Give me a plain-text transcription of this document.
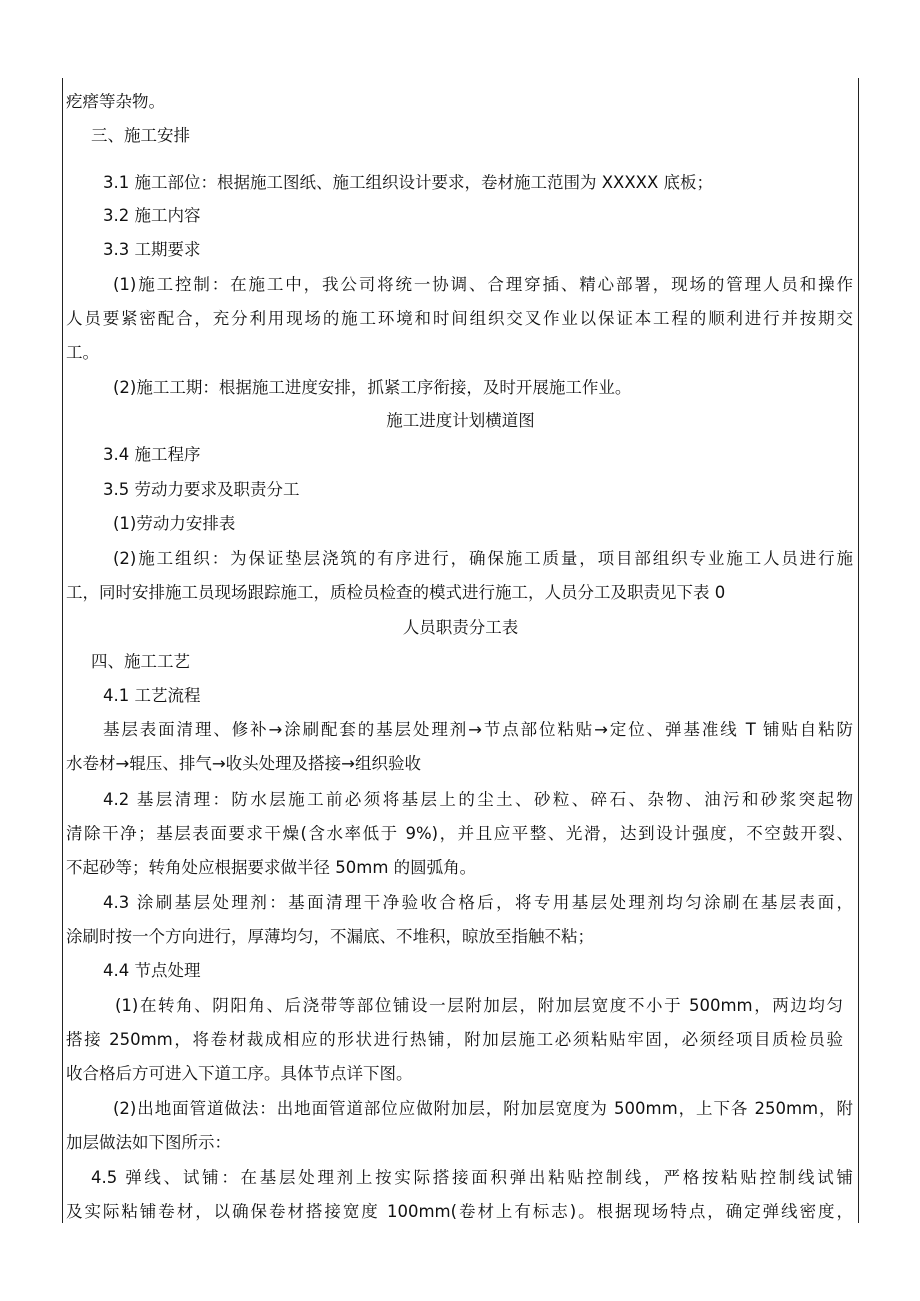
疙瘩等杂物。
三、施工安排
3.1 施工部位：根据施工图纸、施工组织设计要求，卷材施工范围为 XXXXX 底板；
3.2 施工内容
3.3 工期要求
(1)施工控制：在施工中，我公司将统一协调、合理穿插、精心部署，现场的管理人员和操作
人员要紧密配合，充分利用现场的施工环境和时间组织交叉作业以保证本工程的顺利进行并按期交
工。
(2)施工工期：根据施工进度安排，抓紧工序衔接，及时开展施工作业。
施工进度计划横道图
3.4 施工程序
3.5 劳动力要求及职责分工
(1)劳动力安排表
(2)施工组织：为保证垫层浇筑的有序进行，确保施工质量，项目部组织专业施工人员进行施
工，同时安排施工员现场跟踪施工，质检员检查的模式进行施工，人员分工及职责见下表 0
人员职责分工表
四、施工工艺
4.1 工艺流程
基层表面清理、修补→涂刷配套的基层处理剂→节点部位粘贴→定位、弹基准线 T 铺贴自粘防
水卷材→辊压、排气→收头处理及搭接→组织验收
4.2 基层清理：防水层施工前必须将基层上的尘土、砂粒、碎石、杂物、油污和砂浆突起物
清除干净；基层表面要求干燥(含水率低于 9%)，并且应平整、光滑，达到设计强度，不空鼓开裂、
不起砂等；转角处应根据要求做半径 50mm 的圆弧角。
4.3 涂刷基层处理剂：基面清理干净验收合格后，将专用基层处理剂均匀涂刷在基层表面，
涂刷时按一个方向进行，厚薄均匀，不漏底、不堆积，晾放至指触不粘；
4.4 节点处理
(1)在转角、阴阳角、后浇带等部位铺设一层附加层，附加层宽度不小于 500mm，两边均匀
搭接 250mm，将卷材裁成相应的形状进行热铺，附加层施工必须粘贴牢固，必须经项目质检员验
收合格后方可进入下道工序。具体节点详下图。
(2)出地面管道做法：出地面管道部位应做附加层，附加层宽度为 500mm，上下各 250mm，附
加层做法如下图所示：
4.5 弹线、试铺：在基层处理剂上按实际搭接面积弹出粘贴控制线，严格按粘贴控制线试铺
及实际粘铺卷材，以确保卷材搭接宽度 100mm(卷材上有标志)。根据现场特点，确定弹线密度，
